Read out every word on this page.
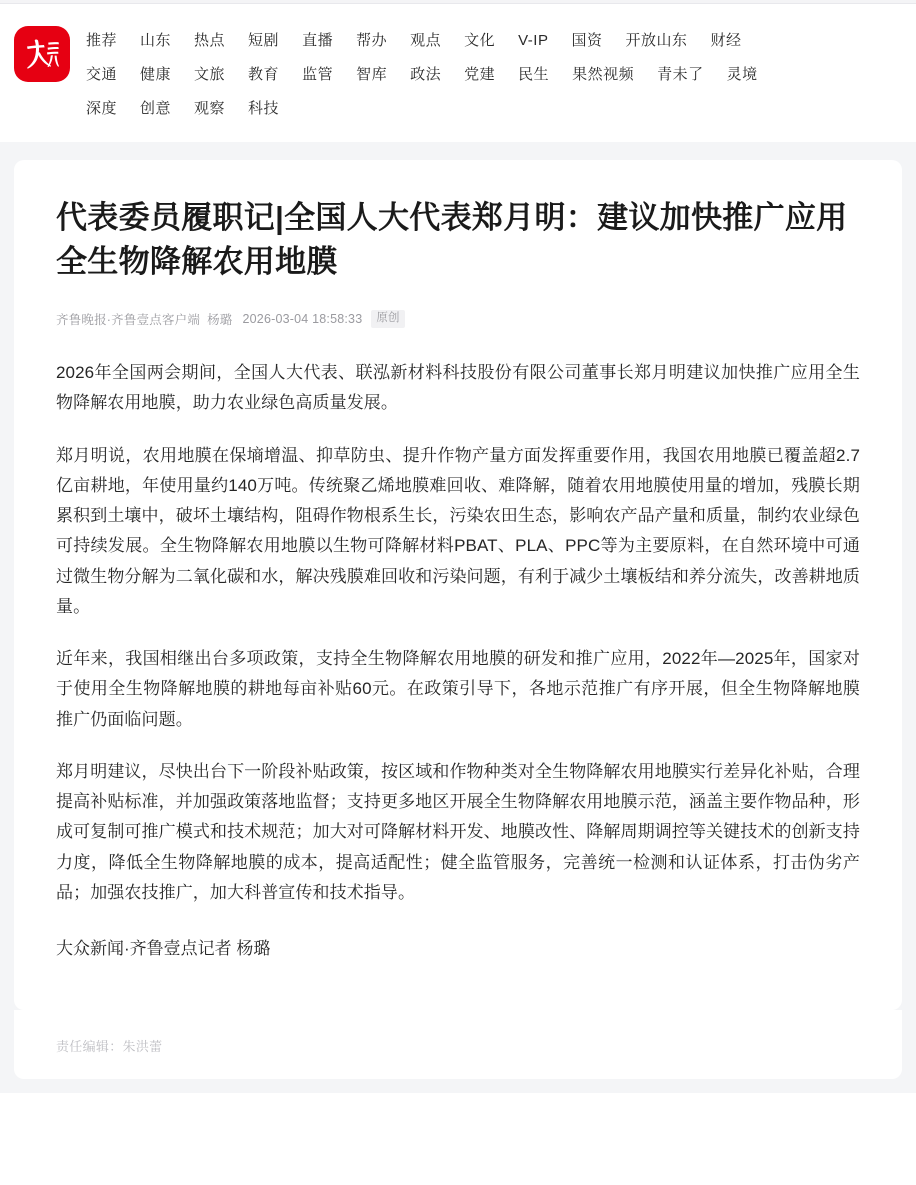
推荐 山东 热点 短剧 直播 帮办 观点 文化 V-IP 国资 开放山东 财经
交通 健康 文旅 教育 监管 智库 政法 党建 民生 果然视频 青未了 灵境
深度 创意 观察 科技
代表委员履职记|全国人大代表郑月明：建议加快推广应用全生物降解农用地膜
齐鲁晚报·齐鲁壹点客户端 杨璐 2026-03-04 18:58:33	原创

2026年全国两会期间，全国人大代表、联泓新材料科技股份有限公司董事长郑月明建议加快推广应用全生物降解农用地膜，助力农业绿色高质量发展。

郑月明说，农用地膜在保墒增温、抑草防虫、提升作物产量方面发挥重要作用，我国农用地膜已覆盖超2.7亿亩耕地，年使用量约140万吨。传统聚乙烯地膜难回收、难降解，随着农用地膜使用量的增加，残膜长期累积到土壤中，破坏土壤结构，阻碍作物根系生长，污染农田生态，影响农产品产量和质量，制约农业绿色可持续发展。全生物降解农用地膜以生物可降解材料PBAT、PLA、PPC等为主要原料，在自然环境中可通过微生物分解为二氧化碳和水，解决残膜难回收和污染问题，有利于减少土壤板结和养分流失，改善耕地质量。

近年来，我国相继出台多项政策，支持全生物降解农用地膜的研发和推广应用，2022年—2025年，国家对于使用全生物降解地膜的耕地每亩补贴60元。在政策引导下，各地示范推广有序开展，但全生物降解地膜推广仍面临问题。

郑月明建议，尽快出台下一阶段补贴政策，按区域和作物种类对全生物降解农用地膜实行差异化补贴，合理提高补贴标准，并加强政策落地监督；支持更多地区开展全生物降解农用地膜示范，涵盖主要作物品种，形成可复制可推广模式和技术规范；加大对可降解材料开发、地膜改性、降解周期调控等关键技术的创新支持力度，降低全生物降解地膜的成本，提高适配性；健全监管服务，完善统一检测和认证体系，打击伪劣产品；加强农技推广，加大科普宣传和技术指导。

大众新闻·齐鲁壹点记者 杨璐

责任编辑：朱洪蕾
